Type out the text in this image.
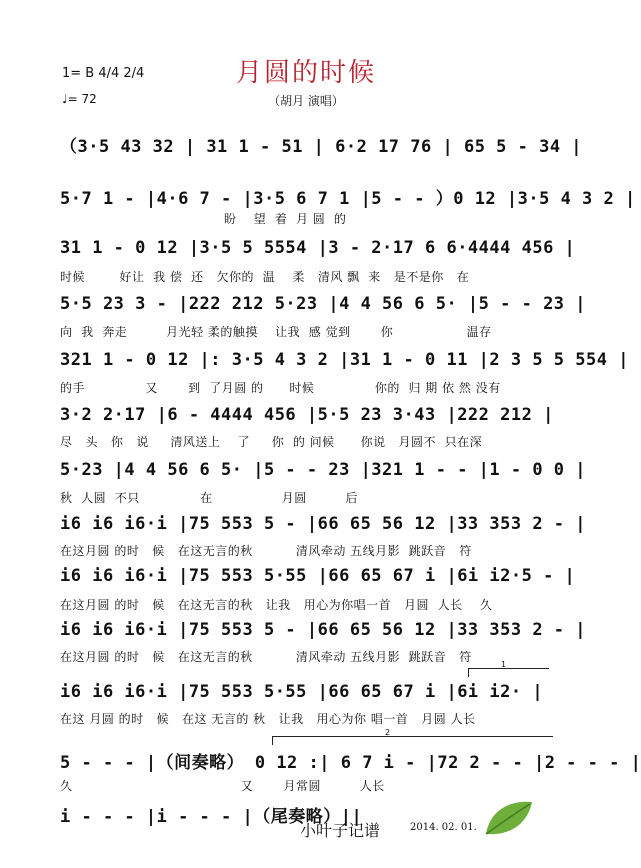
月圆的时候
（胡月 演唱）
1= B 4/4 2/4
♩= 72
（3·5 43 32 | 31 1 - 51 | 6·2 17 76 | 65 5 - 34 |
5·7 1 - |4·6 7 - |3·5 6 7 1 |5 - - ）0 12 |3·5 4 3 2 |
盼    望  着  月 圆  的
31 1 - 0 12 |3·5 5 5554 |3 - 2·17 6 6·4444 456 |
时候        好让  我 偿  还   欠你的  温    柔   清风 飘  来   是不是你   在
5·5 23 3 - |222 212 5·23 |4 4 56 6 5· |5 - - 23 |
向  我  奔走         月光轻 柔的触摸    让我  感 觉到       你                 温存
321 1 - 0 12 |: 3·5 4 3 2 |31 1 - 0 11 |2 3 5 5 554 |
的手              又       到  了月圆 的      时候              你的  归 期 依 然 没有
3·2 2·17 |6 - 4444 456 |5·5 23 3·43 |222 212 |
尽   头   你   说     清风送上    了     你  的 问候      你说   月圆不  只在深
5·23 |4 4 56 6 5· |5 - - 23 |321 1 - - |1 - 0 0 |
秋  人圆  不只              在                月圆         后
i6 i6 i6·i |75 553 5 - |66 65 56 12 |33 353 2 - |
在这月圆 的时   候   在这无言的秋          清风牵动 五线月影  跳跃音   符
i6 i6 i6·i |75 553 5·55 |66 65 67 i |6i i2·5 - |
在这月圆 的时   候   在这无言的秋   让我   用心为你唱一首   月圆  人长    久
i6 i6 i6·i |75 553 5 - |66 65 56 12 |33 353 2 - |
在这月圆 的时   候   在这无言的秋          清风牵动 五线月影  跳跃音   符
1
i6 i6 i6·i |75 553 5·55 |66 65 67 i |6i i2· |
在这 月圆 的时   候   在这 无言的 秋   让我   用心为你 唱一首   月圆 人长
2
5 - - - |（间奏略） 0 12 :| 6 7 i - |72 2 - - |2 - - - |
久                                       又       月常圆         人长
i - - - |i - - - |（尾奏略）||
小叶子记谱	2014. 02. 01.
